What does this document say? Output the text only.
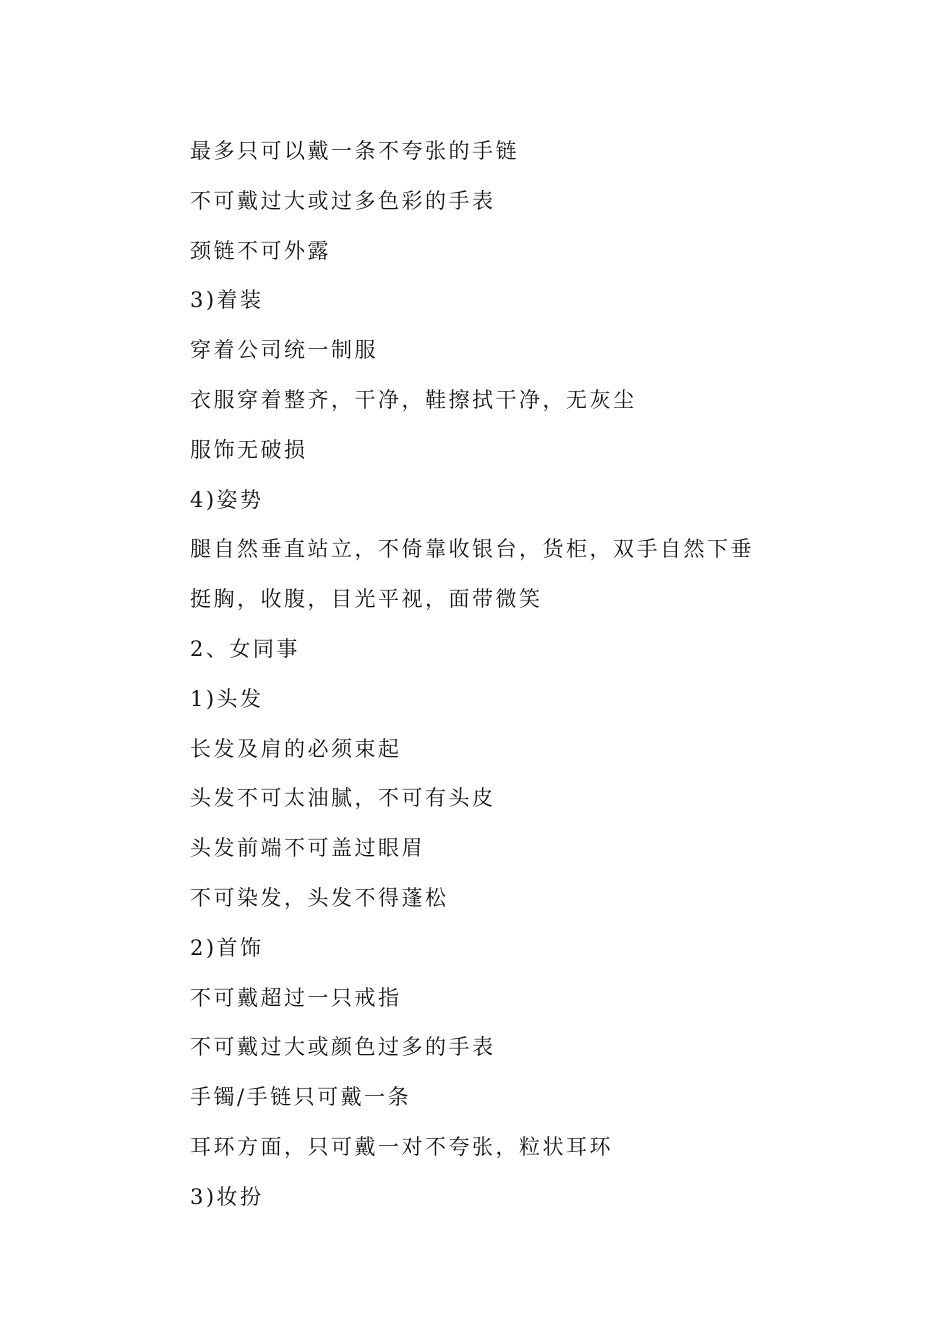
最多只可以戴一条不夸张的手链
不可戴过大或过多色彩的手表
颈链不可外露
3)着装
穿着公司统一制服
衣服穿着整齐，干净，鞋擦拭干净，无灰尘
服饰无破损
4)姿势
腿自然垂直站立，不倚靠收银台，货柜，双手自然下垂
挺胸，收腹，目光平视，面带微笑
2、女同事
1)头发
长发及肩的必须束起
头发不可太油腻，不可有头皮
头发前端不可盖过眼眉
不可染发，头发不得蓬松
2)首饰
不可戴超过一只戒指
不可戴过大或颜色过多的手表
手镯/手链只可戴一条
耳环方面，只可戴一对不夸张，粒状耳环
3)妆扮
